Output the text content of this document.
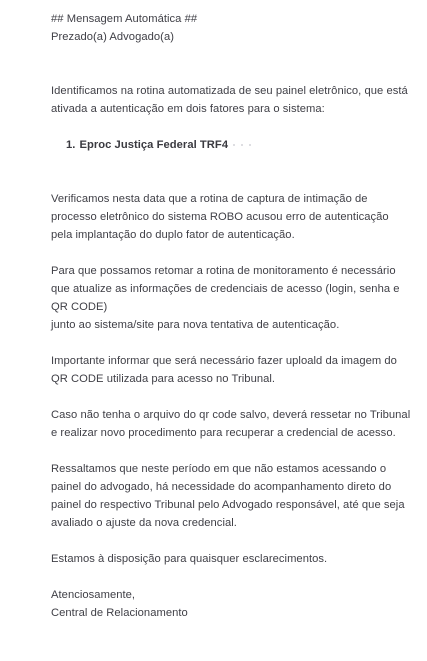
## Mensagem Automática ##

Prezado(a) Advogado(a)

Identificamos na rotina automatizada de seu painel eletrônico, que está ativada a autenticação em dois fatores para o sistema:

1. Eproc Justiça Federal TRF4

Verificamos nesta data que a rotina de captura de intimação de processo eletrônico do sistema ROBO acusou erro de autenticação pela implantação do duplo fator de autenticação.

Para que possamos retomar a rotina de monitoramento é necessário que atualize as informações de credenciais de acesso (login, senha e QR CODE)

junto ao sistema/site para nova tentativa de autenticação.

Importante informar que será necessário fazer uploald da imagem do QR CODE utilizada para acesso no Tribunal.

Caso não tenha o arquivo do qr code salvo, deverá ressetar no Tribunal e realizar novo procedimento para recuperar a credencial de acesso.

Ressaltamos que neste período em que não estamos acessando o painel do advogado, há necessidade do acompanhamento direto do painel do respectivo Tribunal pelo Advogado responsável, até que seja avaliado o ajuste da nova credencial.

Estamos à disposição para quaisquer esclarecimentos.

Atenciosamente,

Central de Relacionamento
